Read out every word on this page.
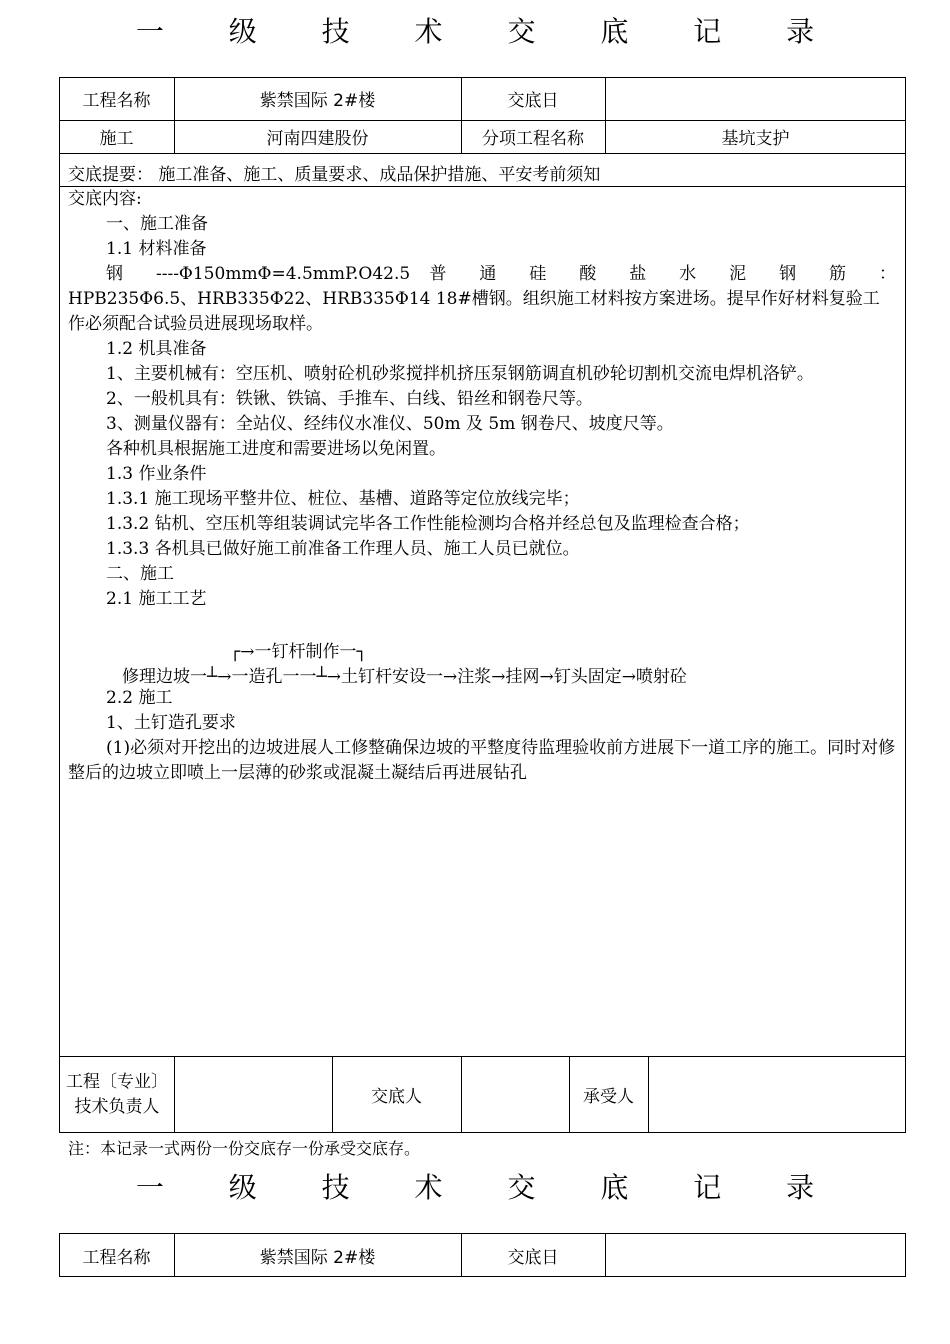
一 级 技 术 交 底 记 录
工程名称	紫禁国际 2#楼	交底日
施工	河南四建股份	分项工程名称	基坑支护
交底提要： 施工准备、施工、质量要求、成品保护措施、平安考前须知

交底内容:

一、施工准备

1.1 材料准备

钢 ----Φ150mmΦ=4.5mmP.O42.5 普 通 硅 酸 盐 水 泥 钢 筋 ：

HPB235Φ6.5、HRB335Φ22、HRB335Φ14 18#槽钢。组织施工材料按方案进场。提早作好材料复验工作必须配合试验员进展现场取样。

1.2 机具准备

1、主要机械有：空压机、喷射砼机砂浆搅拌机挤压泵钢筋调直机砂轮切割机交流电焊机洛铲。

2、一般机具有：铁锹、铁镐、手推车、白线、铅丝和钢卷尺等。

3、测量仪器有：全站仪、经纬仪水准仪、50m 及 5m 钢卷尺、坡度尺等。

各种机具根据施工进度和需要进场以免闲置。

1.3 作业条件

1.3.1 施工现场平整井位、桩位、基槽、道路等定位放线完毕；

1.3.2 钻机、空压机等组装调试完毕各工作性能检测均合格并经总包及监理检查合格；

1.3.3 各机具已做好施工前准备工作理人员、施工人员已就位。

二、施工

2.1 施工工艺

┌→一钉杆制作一┐
修理边坡一┴→一造孔一一┴→土钉杆安设一→注浆→挂网→钉头固定→喷射砼

2.2 施工

1、土钉造孔要求

(1)必须对开挖出的边坡进展人工修整确保边坡的平整度待监理验收前方进展下一道工序的施工。同时对修整后的边坡立即喷上一层薄的砂浆或混凝土凝结后再进展钻孔

工程〔专业〕技术负责人	交底人	承受人
注：本记录一式两份一份交底存一份承受交底存。
一 级 技 术 交 底 记 录
工程名称	紫禁国际 2#楼	交底日
